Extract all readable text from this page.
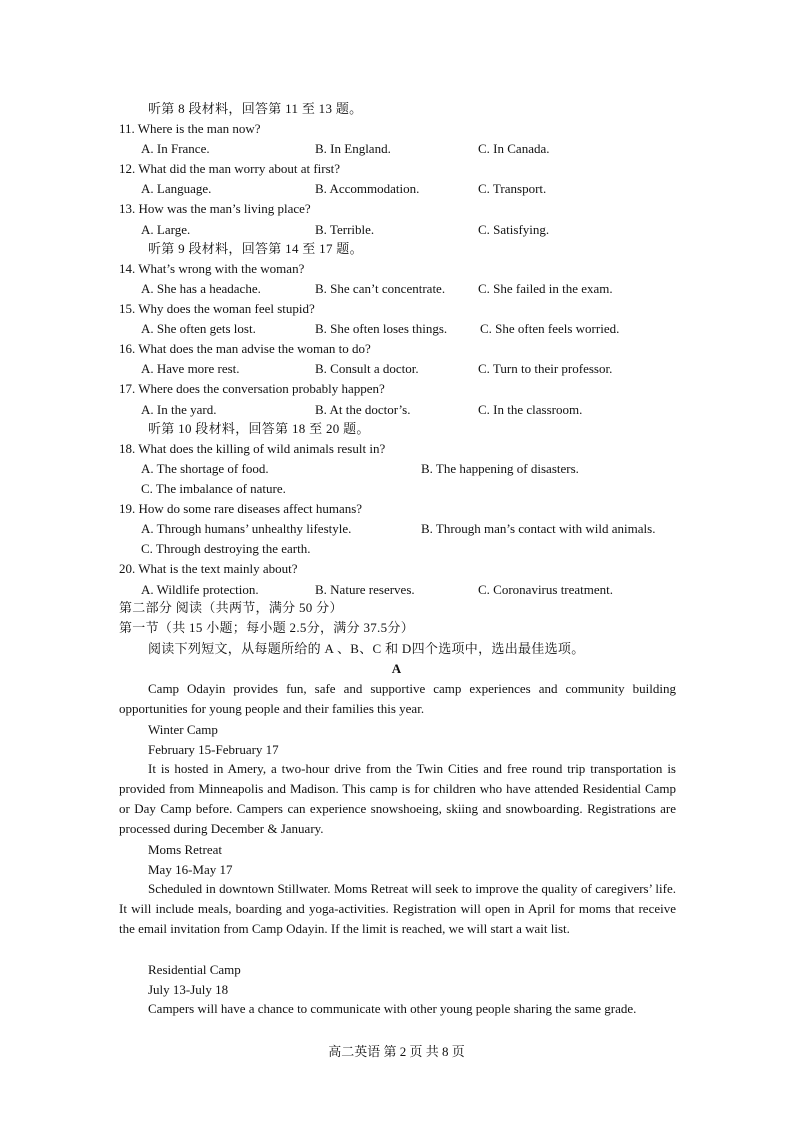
听第 8 段材料，回答第 11 至 13 题。
11. Where is the man now?
A. In France.	B. In England.	C. In Canada.
12. What did the man worry about at first?
A. Language.	B. Accommodation.	C. Transport.
13. How was the man’s living place?
A. Large.	B. Terrible.	C. Satisfying.
听第 9 段材料，回答第 14 至 17 题。
14. What’s wrong with the woman?
A. She has a headache.	B. She can’t concentrate.	C. She failed in the exam.
15. Why does the woman feel stupid?
A. She often gets lost.	B. She often loses things.	C. She often feels worried.
16. What does the man advise the woman to do?
A. Have more rest.	B. Consult a doctor.	C. Turn to their professor.
17. Where does the conversation probably happen?
A. In the yard.	B. At the doctor’s.	C. In the classroom.
听第 10 段材料，回答第 18 至 20 题。
18. What does the killing of wild animals result in?
A. The shortage of food.	B. The happening of disasters.
C. The imbalance of nature.
19. How do some rare diseases affect humans?
A. Through humans’ unhealthy lifestyle.	B. Through man’s contact with wild animals.
C. Through destroying the earth.
20. What is the text mainly about?
A. Wildlife protection.	B. Nature reserves.	C. Coronavirus treatment.
第二部分 阅读（共两节，满分 50 分）
第一节（共 15 小题；每小题 2.5分，满分 37.5分）
阅读下列短文，从每题所给的 A 、B、C 和 D四个选项中，选出最佳选项。
A

Camp Odayin provides fun, safe and supportive camp experiences and community building opportunities for young people and their families this year.

Winter Camp
February 15-February 17

It is hosted in Amery, a two-hour drive from the Twin Cities and free round trip transportation is provided from Minneapolis and Madison. This camp is for children who have attended Residential Camp or Day Camp before. Campers can experience snowshoeing, skiing and snowboarding. Registrations are processed during December & January.

Moms Retreat
May 16-May 17

Scheduled in downtown Stillwater. Moms Retreat will seek to improve the quality of caregivers’ life. It will include meals, boarding and yoga-activities. Registration will open in April for moms that receive the email invitation from Camp Odayin. If the limit is reached, we will start a wait list.

Residential Camp
July 13-July 18

Campers will have a chance to communicate with other young people sharing the same grade.

高二英语 第 2 页 共 8 页
